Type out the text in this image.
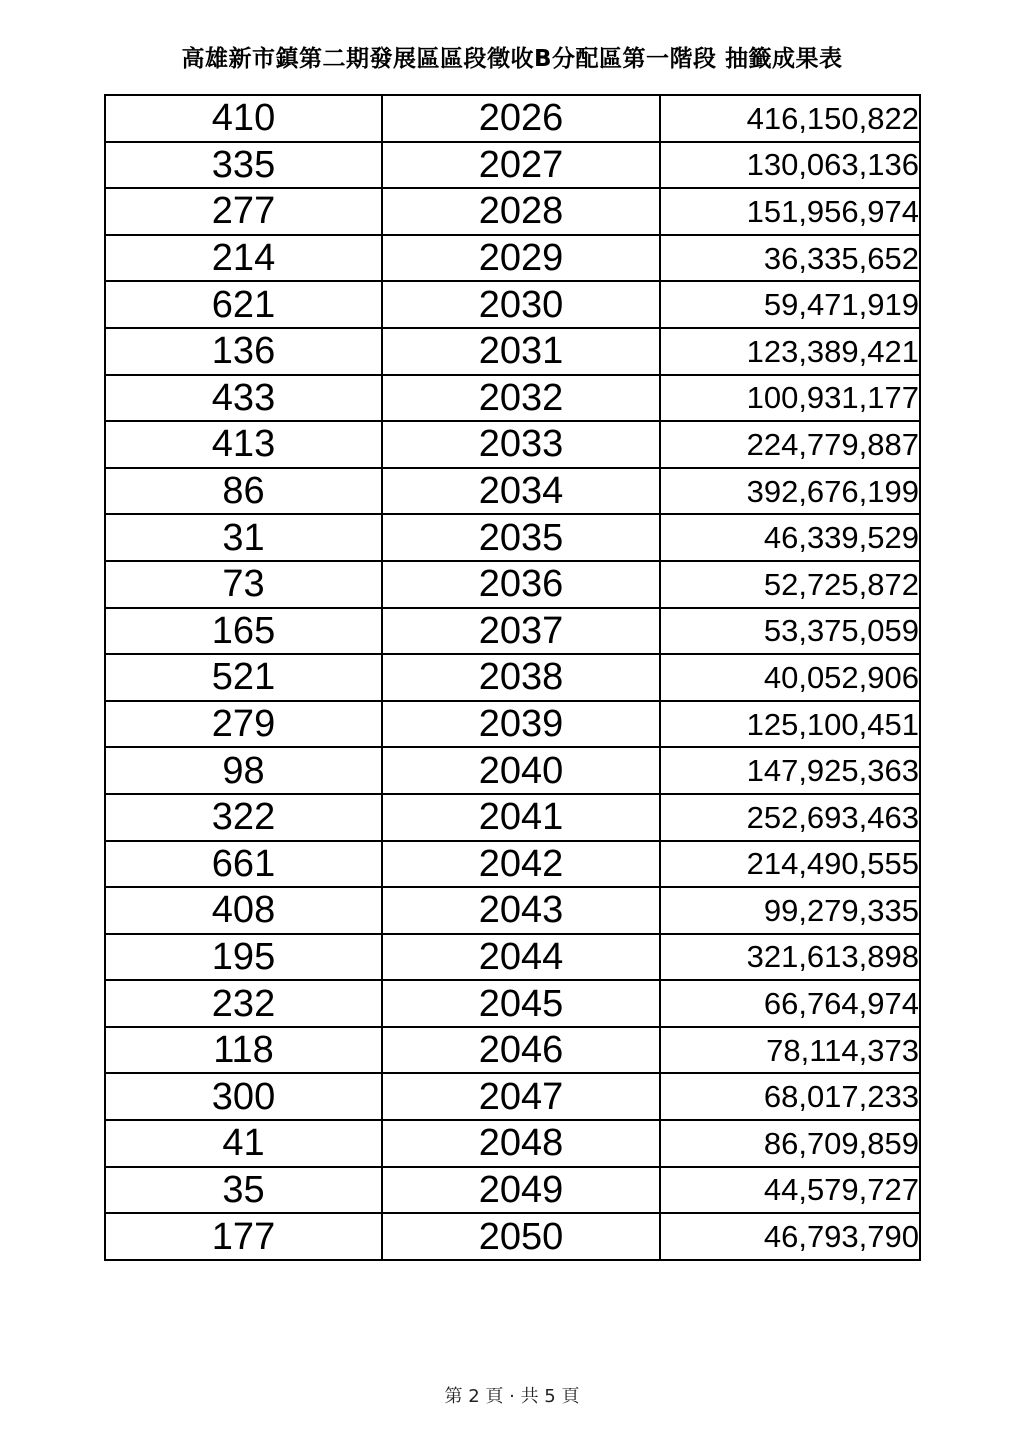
高雄新市鎮第二期發展區區段徵收B分配區第一階段 抽籤成果表
410	2026	416,150,822
335	2027	130,063,136
277	2028	151,956,974
214	2029	36,335,652
621	2030	59,471,919
136	2031	123,389,421
433	2032	100,931,177
413	2033	224,779,887
86	2034	392,676,199
31	2035	46,339,529
73	2036	52,725,872
165	2037	53,375,059
521	2038	40,052,906
279	2039	125,100,451
98	2040	147,925,363
322	2041	252,693,463
661	2042	214,490,555
408	2043	99,279,335
195	2044	321,613,898
232	2045	66,764,974
118	2046	78,114,373
300	2047	68,017,233
41	2048	86,709,859
35	2049	44,579,727
177	2050	46,793,790
第 2 頁 · 共 5 頁
